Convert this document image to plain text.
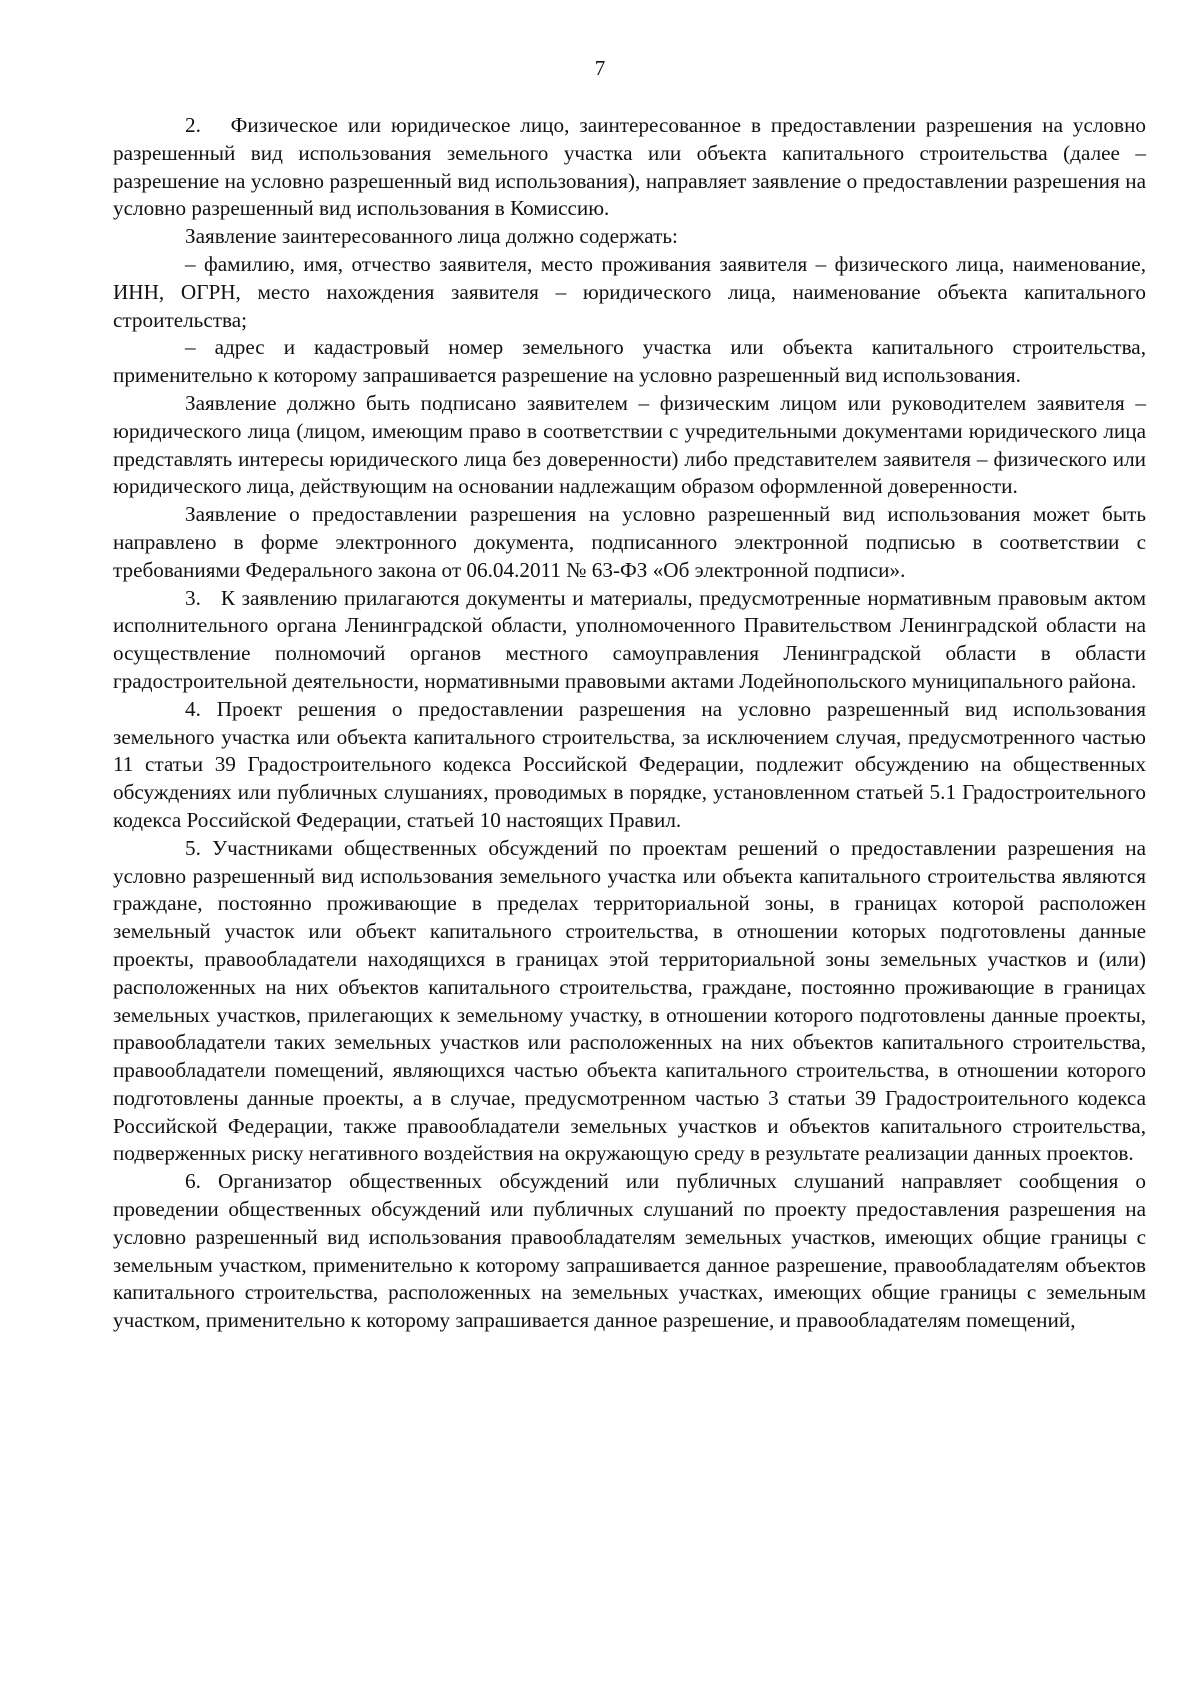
7

2.   Физическое или юридическое лицо, заинтересованное в предоставлении разрешения на условно разрешенный вид использования земельного участка или объекта капитального строительства (далее – разрешение на условно разрешенный вид использования), направляет заявление о предоставлении разрешения на условно разрешенный вид использования в Комиссию.

Заявление заинтересованного лица должно содержать:

– фамилию, имя, отчество заявителя, место проживания заявителя – физического лица, наименование, ИНН, ОГРН, место нахождения заявителя – юридического лица, наименование объекта капитального строительства;

– адрес и кадастровый номер земельного участка или объекта капитального строительства, применительно к которому запрашивается разрешение на условно разрешенный вид использования.

Заявление должно быть подписано заявителем – физическим лицом или руководителем заявителя – юридического лица (лицом, имеющим право в соответствии с учредительными документами юридического лица представлять интересы юридического лица без доверенности) либо представителем заявителя – физического или юридического лица, действующим на основании надлежащим образом оформленной доверенности.

Заявление о предоставлении разрешения на условно разрешенный вид использования может быть направлено в форме электронного документа, подписанного электронной подписью в соответствии с требованиями Федерального закона от 06.04.2011 № 63-ФЗ «Об электронной подписи».

3.   К заявлению прилагаются документы и материалы, предусмотренные нормативным правовым актом исполнительного органа Ленинградской области, уполномоченного Правительством Ленинградской области на осуществление полномочий органов местного самоуправления Ленинградской области в области градостроительной деятельности, нормативными правовыми актами Лодейнопольского муниципального района.

4. Проект решения о предоставлении разрешения на условно разрешенный вид использования земельного участка или объекта капитального строительства, за исключением случая, предусмотренного частью 11 статьи 39 Градостроительного кодекса Российской Федерации, подлежит обсуждению на общественных обсуждениях или публичных слушаниях, проводимых в порядке, установленном статьей 5.1 Градостроительного кодекса Российской Федерации, статьей 10 настоящих Правил.

5. Участниками общественных обсуждений по проектам решений о предоставлении разрешения на условно разрешенный вид использования земельного участка или объекта капитального строительства являются граждане, постоянно проживающие в пределах территориальной зоны, в границах которой расположен земельный участок или объект капитального строительства, в отношении которых подготовлены данные проекты, правообладатели находящихся в границах этой территориальной зоны земельных участков и (или) расположенных на них объектов капитального строительства, граждане, постоянно проживающие в границах земельных участков, прилегающих к земельному участку, в отношении которого подготовлены данные проекты, правообладатели таких земельных участков или расположенных на них объектов капитального строительства, правообладатели помещений, являющихся частью объекта капитального строительства, в отношении которого подготовлены данные проекты, а в случае, предусмотренном частью 3 статьи 39 Градостроительного кодекса Российской Федерации, также правообладатели земельных участков и объектов капитального строительства, подверженных риску негативного воздействия на окружающую среду в результате реализации данных проектов.

6. Организатор общественных обсуждений или публичных слушаний направляет сообщения о проведении общественных обсуждений или публичных слушаний по проекту предоставления разрешения на условно разрешенный вид использования правообладателям земельных участков, имеющих общие границы с земельным участком, применительно к которому запрашивается данное разрешение, правообладателям объектов капитального строительства, расположенных на земельных участках, имеющих общие границы с земельным участком, применительно к которому запрашивается данное разрешение, и правообладателям помещений,
